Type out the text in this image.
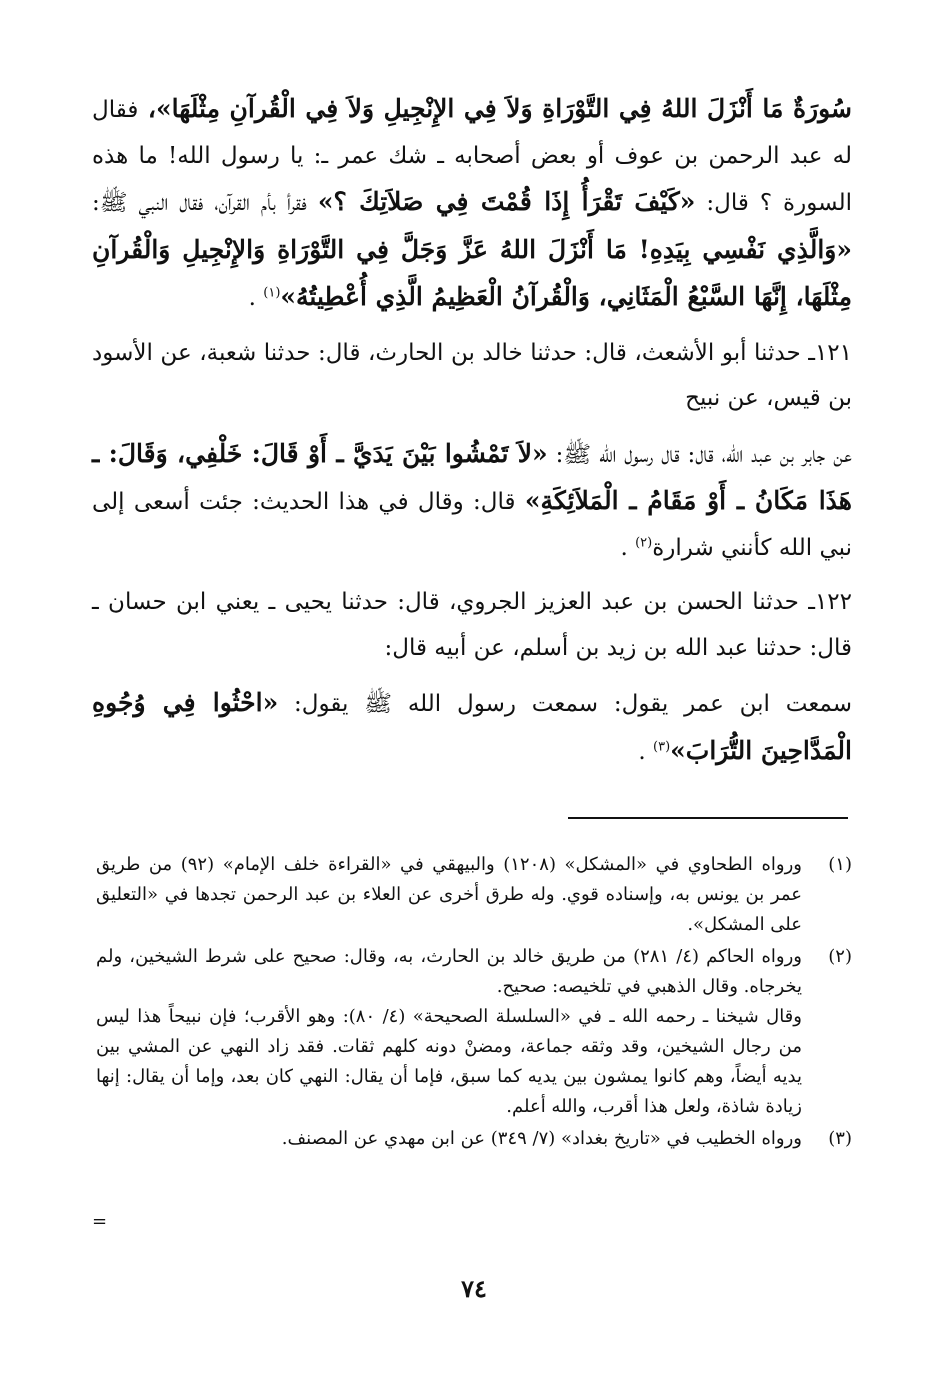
سُورَةٌ مَا أَنْزَلَ اللهُ فِي التَّوْرَاةِ وَلاَ فِي الإِنْجِيلِ وَلاَ فِي الْقُرآنِ مِثْلَهَا»، فقال له عبد الرحمن بن عوف أو بعض أصحابه ـ شك عمر ـ: يا رسول الله! ما هذه السورة ؟ قال: «كَيْفَ تَقْرَأُ إِذَا قُمْتَ فِي صَلاَتِكَ ؟» فقرأ بأم القرآن، فقال النبي ﷺ: «وَالَّذِي نَفْسِي بِيَدِهِ! مَا أَنْزَلَ اللهُ عَزَّ وَجَلَّ فِي التَّوْرَاةِ وَالإِنْجِيلِ وَالْقُرآنِ مِثْلَهَا، إِنَّهَا السَّبْعُ الْمَثَانِي، وَالْقُرآنُ الْعَظِيمُ الَّذِي أُعْطِيتُهُ»$^{(١)}$ .

١٢١ـ حدثنا أبو الأشعث، قال: حدثنا خالد بن الحارث، قال: حدثنا شعبة، عن الأسود بن قيس، عن نبيح

عن جابر بن عبد الله، قال: قال رسول الله ﷺ: «لاَ تَمْشُوا بَيْنَ يَدَيَّ ـ أَوْ قَالَ: خَلْفِي، وَقَالَ: ـ هَذَا مَكَانُ ـ أَوْ مَقَامُ ـ الْمَلاَئِكَةِ» قال: وقال في هذا الحديث: جئت أسعى إلى نبي الله كأنني شرارة$^{(٢)}$ .

١٢٢ـ حدثنا الحسن بن عبد العزيز الجروي، قال: حدثنا يحيى ـ يعني ابن حسان ـ قال: حدثنا عبد الله بن زيد بن أسلم، عن أبيه قال:

سمعت ابن عمر يقول: سمعت رسول الله ﷺ يقول: «احْثُوا فِي وُجُوهِ الْمَدَّاحِينَ التُّرَابَ»$^{(٣)}$ .

(١)

ورواه الطحاوي في «المشكل» (١٢٠٨) والبيهقي في «القراءة خلف الإمام» (٩٢) من طريق عمر بن يونس به، وإسناده قوي. وله طرق أخرى عن العلاء بن عبد الرحمن تجدها في «التعليق على المشكل».

(٢)

ورواه الحاكم (٤/ ٢٨١) من طريق خالد بن الحارث، به، وقال: صحيح على شرط الشيخين، ولم يخرجاه. وقال الذهبي في تلخيصه: صحيح.

وقال شيخنا ـ رحمه الله ـ في «السلسلة الصحيحة» (٤/ ٨٠): وهو الأقرب؛ فإن نبيحاً هذا ليس من رجال الشيخين، وقد وثقه جماعة، ومضنْ دونه كلهم ثقات. فقد زاد النهي عن المشي بين يديه أيضاً، وهم كانوا يمشون بين يديه كما سبق، فإما أن يقال: النهي كان بعد، وإما أن يقال: إنها زيادة شاذة، ولعل هذا أقرب، والله أعلم.

(٣)

ورواه الخطيب في «تاريخ بغداد» (٧/ ٣٤٩) عن ابن مهدي عن المصنف.

=
٧٤
